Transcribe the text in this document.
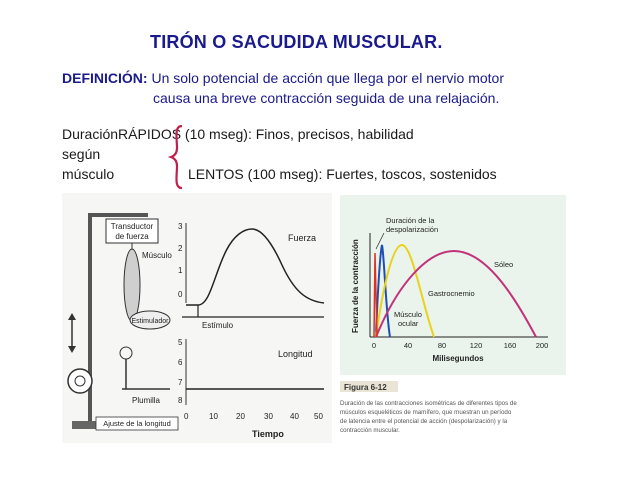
TIRÓN O SACUDIDA MUSCULAR.
DEFINICIÓN: Un solo potencial de acción que llega por el nervio motor
causa una breve contracción seguida de una relajación.
DuraciónRÁPIDOS (10 mseg): Finos, precisos, habilidad
según
músculo	LENTOS (100 mseg): Fuertes, toscos, sostenidos
Transductor
de fuerza
Músculo
Estimulador
Plumilla
Ajuste de la longitud
3
2
1
0
Fuerza
Estímulo
5
6
7
8
Longitud
0	10 20 30 40 50
Tiempo
Fuerza de la contracción
Duración de la
despolarización
Sóleo
Gastrocnemio
Músculo
ocular
0	40	80	120	160	200
Milisegundos
Figura 6-12
Duración de las contracciones isométricas de diferentes tipos de
músculos esqueléticos de mamífero, que muestran un período
de latencia entre el potencial de acción (despolarización) y la
contracción muscular.
